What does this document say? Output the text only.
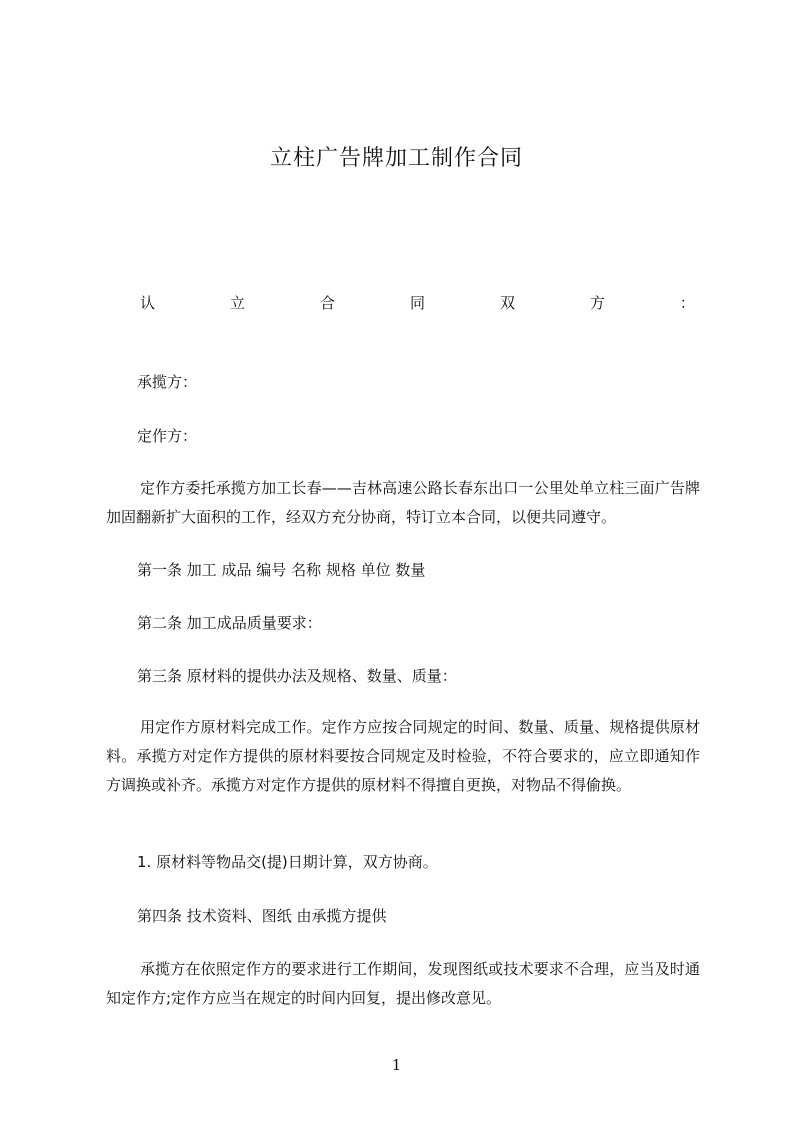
立柱广告牌加工制作合同
认	立	合	同	双	方	：
承揽方：
定作方：
定作方委托承揽方加工长春——吉林高速公路长春东出口一公里处单立柱三面广告牌加固翻新扩大面积的工作，经双方充分协商，特订立本合同，以便共同遵守。
第一条 加工 成品 编号 名称 规格 单位 数量
第二条 加工成品质量要求：
第三条 原材料的提供办法及规格、数量、质量：
用定作方原材料完成工作。定作方应按合同规定的时间、数量、质量、规格提供原材料。承揽方对定作方提供的原材料要按合同规定及时检验，不符合要求的，应立即通知作方调换或补齐。承揽方对定作方提供的原材料不得擅自更换，对物品不得偷换。
1. 原材料等物品交(提)日期计算，双方协商。
第四条 技术资料、图纸 由承揽方提供
承揽方在依照定作方的要求进行工作期间，发现图纸或技术要求不合理，应当及时通知定作方;定作方应当在规定的时间内回复，提出修改意见。
1
